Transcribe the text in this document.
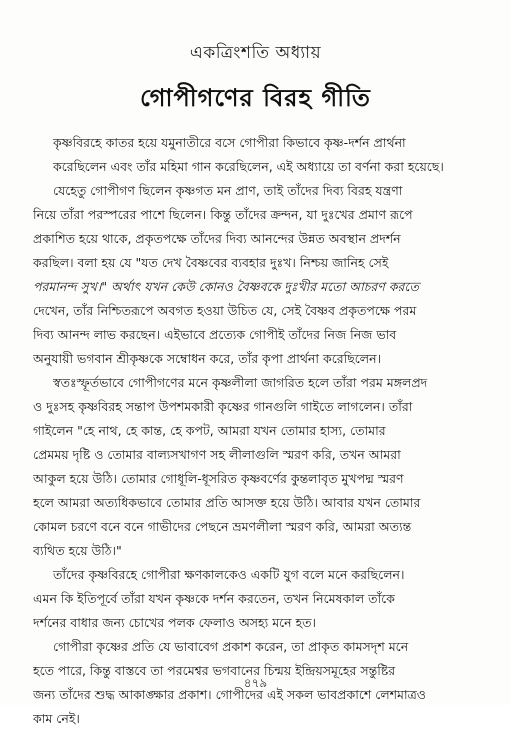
একত্রিংশতি অধ্যায়
গোপীগণের বিরহ গীতি

কৃষ্ণবিরহে কাতর হয়ে যমুনাতীরে বসে গোপীরা কিভাবে কৃষ্ণ-দর্শন প্রার্থনা
করেছিলেন এবং তাঁর মহিমা গান করেছিলেন, এই অধ্যায়ে তা বর্ণনা করা হয়েছে।

যেহেতু গোপীগণ ছিলেন কৃষ্ণগত মন প্রাণ, তাই তাঁদের দিব্য বিরহ যন্ত্রণা
নিয়ে তাঁরা পরস্পরের পাশে ছিলেন। কিন্তু তাঁদের ক্রন্দন, যা দুঃখের প্রমাণ রূপে
প্রকাশিত হয়ে থাকে, প্রকৃতপক্ষে তাঁদের দিব্য আনন্দের উন্নত অবস্থান প্রদর্শন
করছিল। বলা হয় যে "যত দেখ বৈষ্ণবের ব্যবহার দুঃখ। নিশ্চয় জানিহ সেই
পরমানন্দ সুখ।" অর্থাৎ যখন কেউ কোনও বৈষ্ণবকে দুঃখীর মতো আচরণ করতে
দেখেন, তাঁর নিশ্চিতরূপে অবগত হওয়া উচিত যে, সেই বৈষ্ণব প্রকৃতপক্ষে পরম
দিব্য আনন্দ লাভ করছেন। এইভাবে প্রত্যেক গোপীই তাঁদের নিজ নিজ ভাব
অনুযায়ী ভগবান শ্রীকৃষ্ণকে সম্বোধন করে, তাঁর কৃপা প্রার্থনা করেছিলেন।

স্বতঃস্ফূর্তভাবে গোপীগণের মনে কৃষ্ণলীলা জাগরিত হলে তাঁরা পরম মঙ্গলপ্রদ
ও দুঃসহ কৃষ্ণবিরহ সন্তাপ উপশমকারী কৃষ্ণের গানগুলি গাইতে লাগলেন। তাঁরা
গাইলেন "হে নাথ, হে কান্ত, হে কপট, আমরা যখন তোমার হাস্য, তোমার
প্রেমময় দৃষ্টি ও তোমার বাল্যসখাগণ সহ লীলাগুলি স্মরণ করি, তখন আমরা
আকুল হয়ে উঠি। তোমার গোধূলি-ধূসরিত কৃষ্ণবর্ণের কুন্তলাবৃত মুখপদ্ম স্মরণ
হলে আমরা অত্যধিকভাবে তোমার প্রতি আসক্ত হয়ে উঠি। আবার যখন তোমার
কোমল চরণে বনে বনে গাভীদের পেছনে ভ্রমণলীলা স্মরণ করি, আমরা অত্যন্ত
ব্যথিত হয়ে উঠি।"

তাঁদের কৃষ্ণবিরহে গোপীরা ক্ষণকালকেও একটি যুগ বলে মনে করছিলেন।
এমন কি ইতিপূর্বে তাঁরা যখন কৃষ্ণকে দর্শন করতেন, তখন নিমেষকাল তাঁকে
দর্শনের বাধার জন্য চোখের পলক ফেলাও অসহ্য মনে হত।

গোপীরা কৃষ্ণের প্রতি যে ভাবাবেগ প্রকাশ করেন, তা প্রাকৃত কামসদৃশ মনে
হতে পারে, কিন্তু বাস্তবে তা পরমেশ্বর ভগবানের চিন্ময় ইন্দ্রিয়সমূহের সন্তুষ্টির
জন্য তাঁদের শুদ্ধ আকাঙ্ক্ষার প্রকাশ। গোপীদের এই সকল ভাবপ্রকাশে লেশমাত্রও
কাম নেই।

৪৭৯
